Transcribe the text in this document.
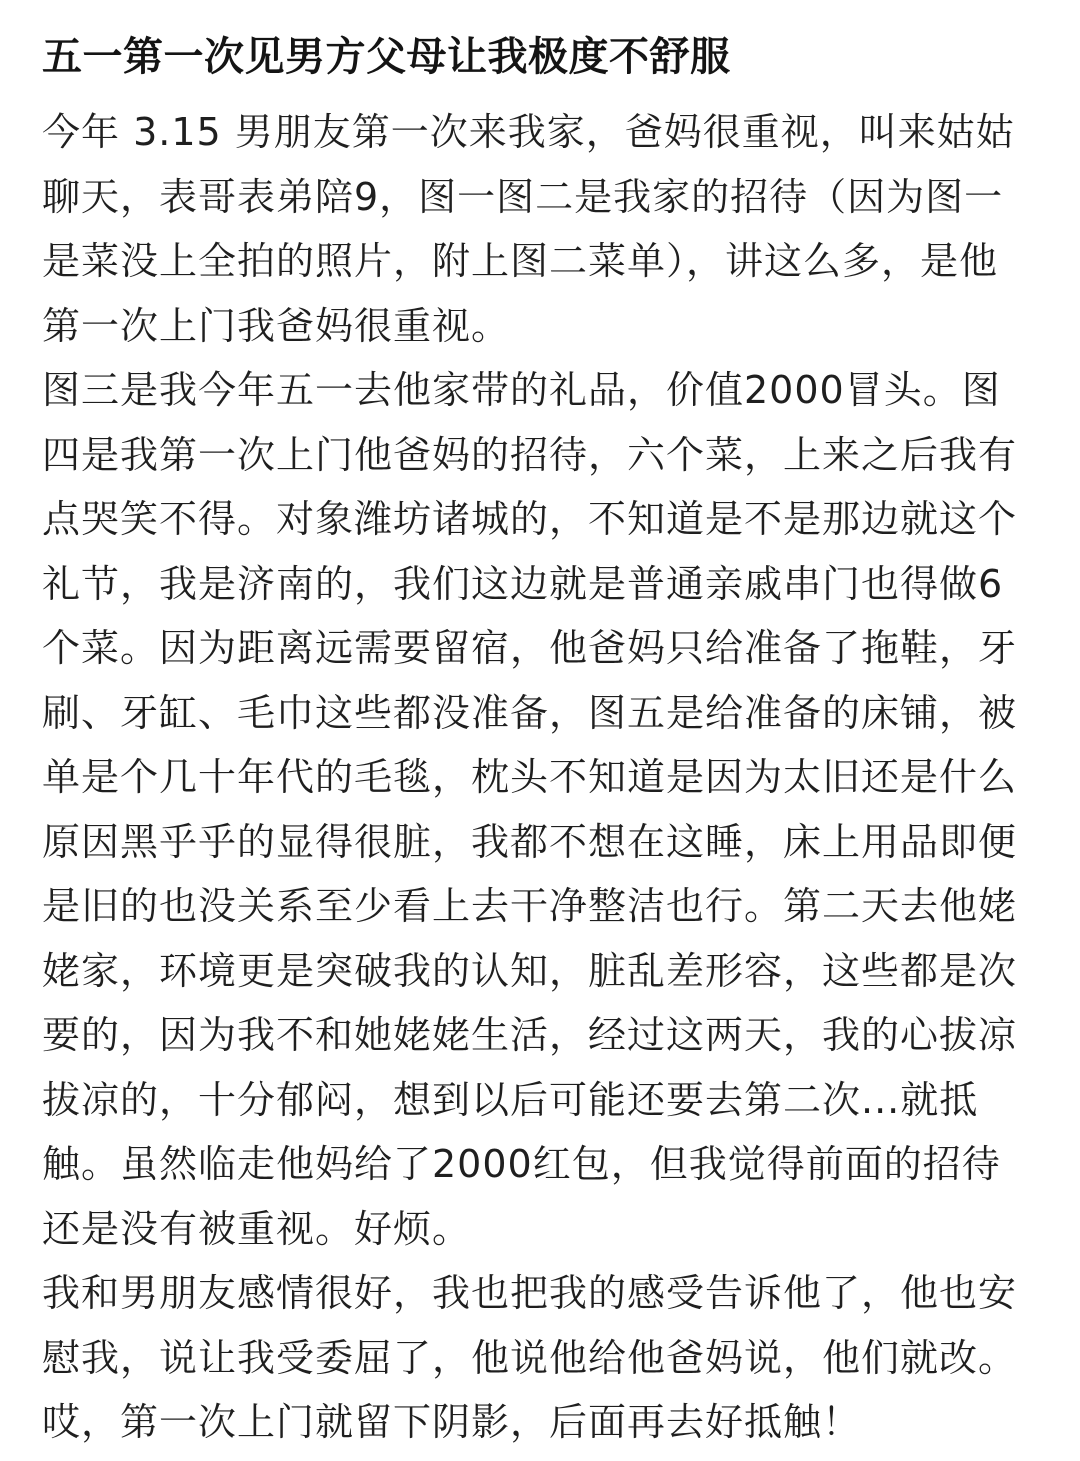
五一第一次见男方父母让我极度不舒服

今年 3.15 男朋友第一次来我家，爸妈很重视，叫来姑姑
聊天，表哥表弟陪9，图一图二是我家的招待（因为图一
是菜没上全拍的照片，附上图二菜单），讲这么多，是他
第一次上门我爸妈很重视。

图三是我今年五一去他家带的礼品，价值2000冒头。图
四是我第一次上门他爸妈的招待，六个菜，上来之后我有
点哭笑不得。对象潍坊诸城的，不知道是不是那边就这个
礼节，我是济南的，我们这边就是普通亲戚串门也得做6
个菜。因为距离远需要留宿，他爸妈只给准备了拖鞋，牙
刷、牙缸、毛巾这些都没准备，图五是给准备的床铺，被
单是个几十年代的毛毯，枕头不知道是因为太旧还是什么
原因黑乎乎的显得很脏，我都不想在这睡，床上用品即便
是旧的也没关系至少看上去干净整洁也行。第二天去他姥
姥家，环境更是突破我的认知，脏乱差形容，这些都是次
要的，因为我不和她姥姥生活，经过这两天，我的心拔凉
拔凉的，十分郁闷，想到以后可能还要去第二次...就抵
触。虽然临走他妈给了2000红包，但我觉得前面的招待
还是没有被重视。好烦。

我和男朋友感情很好，我也把我的感受告诉他了，他也安
慰我，说让我受委屈了，他说他给他爸妈说，他们就改。
哎，第一次上门就留下阴影，后面再去好抵触！
